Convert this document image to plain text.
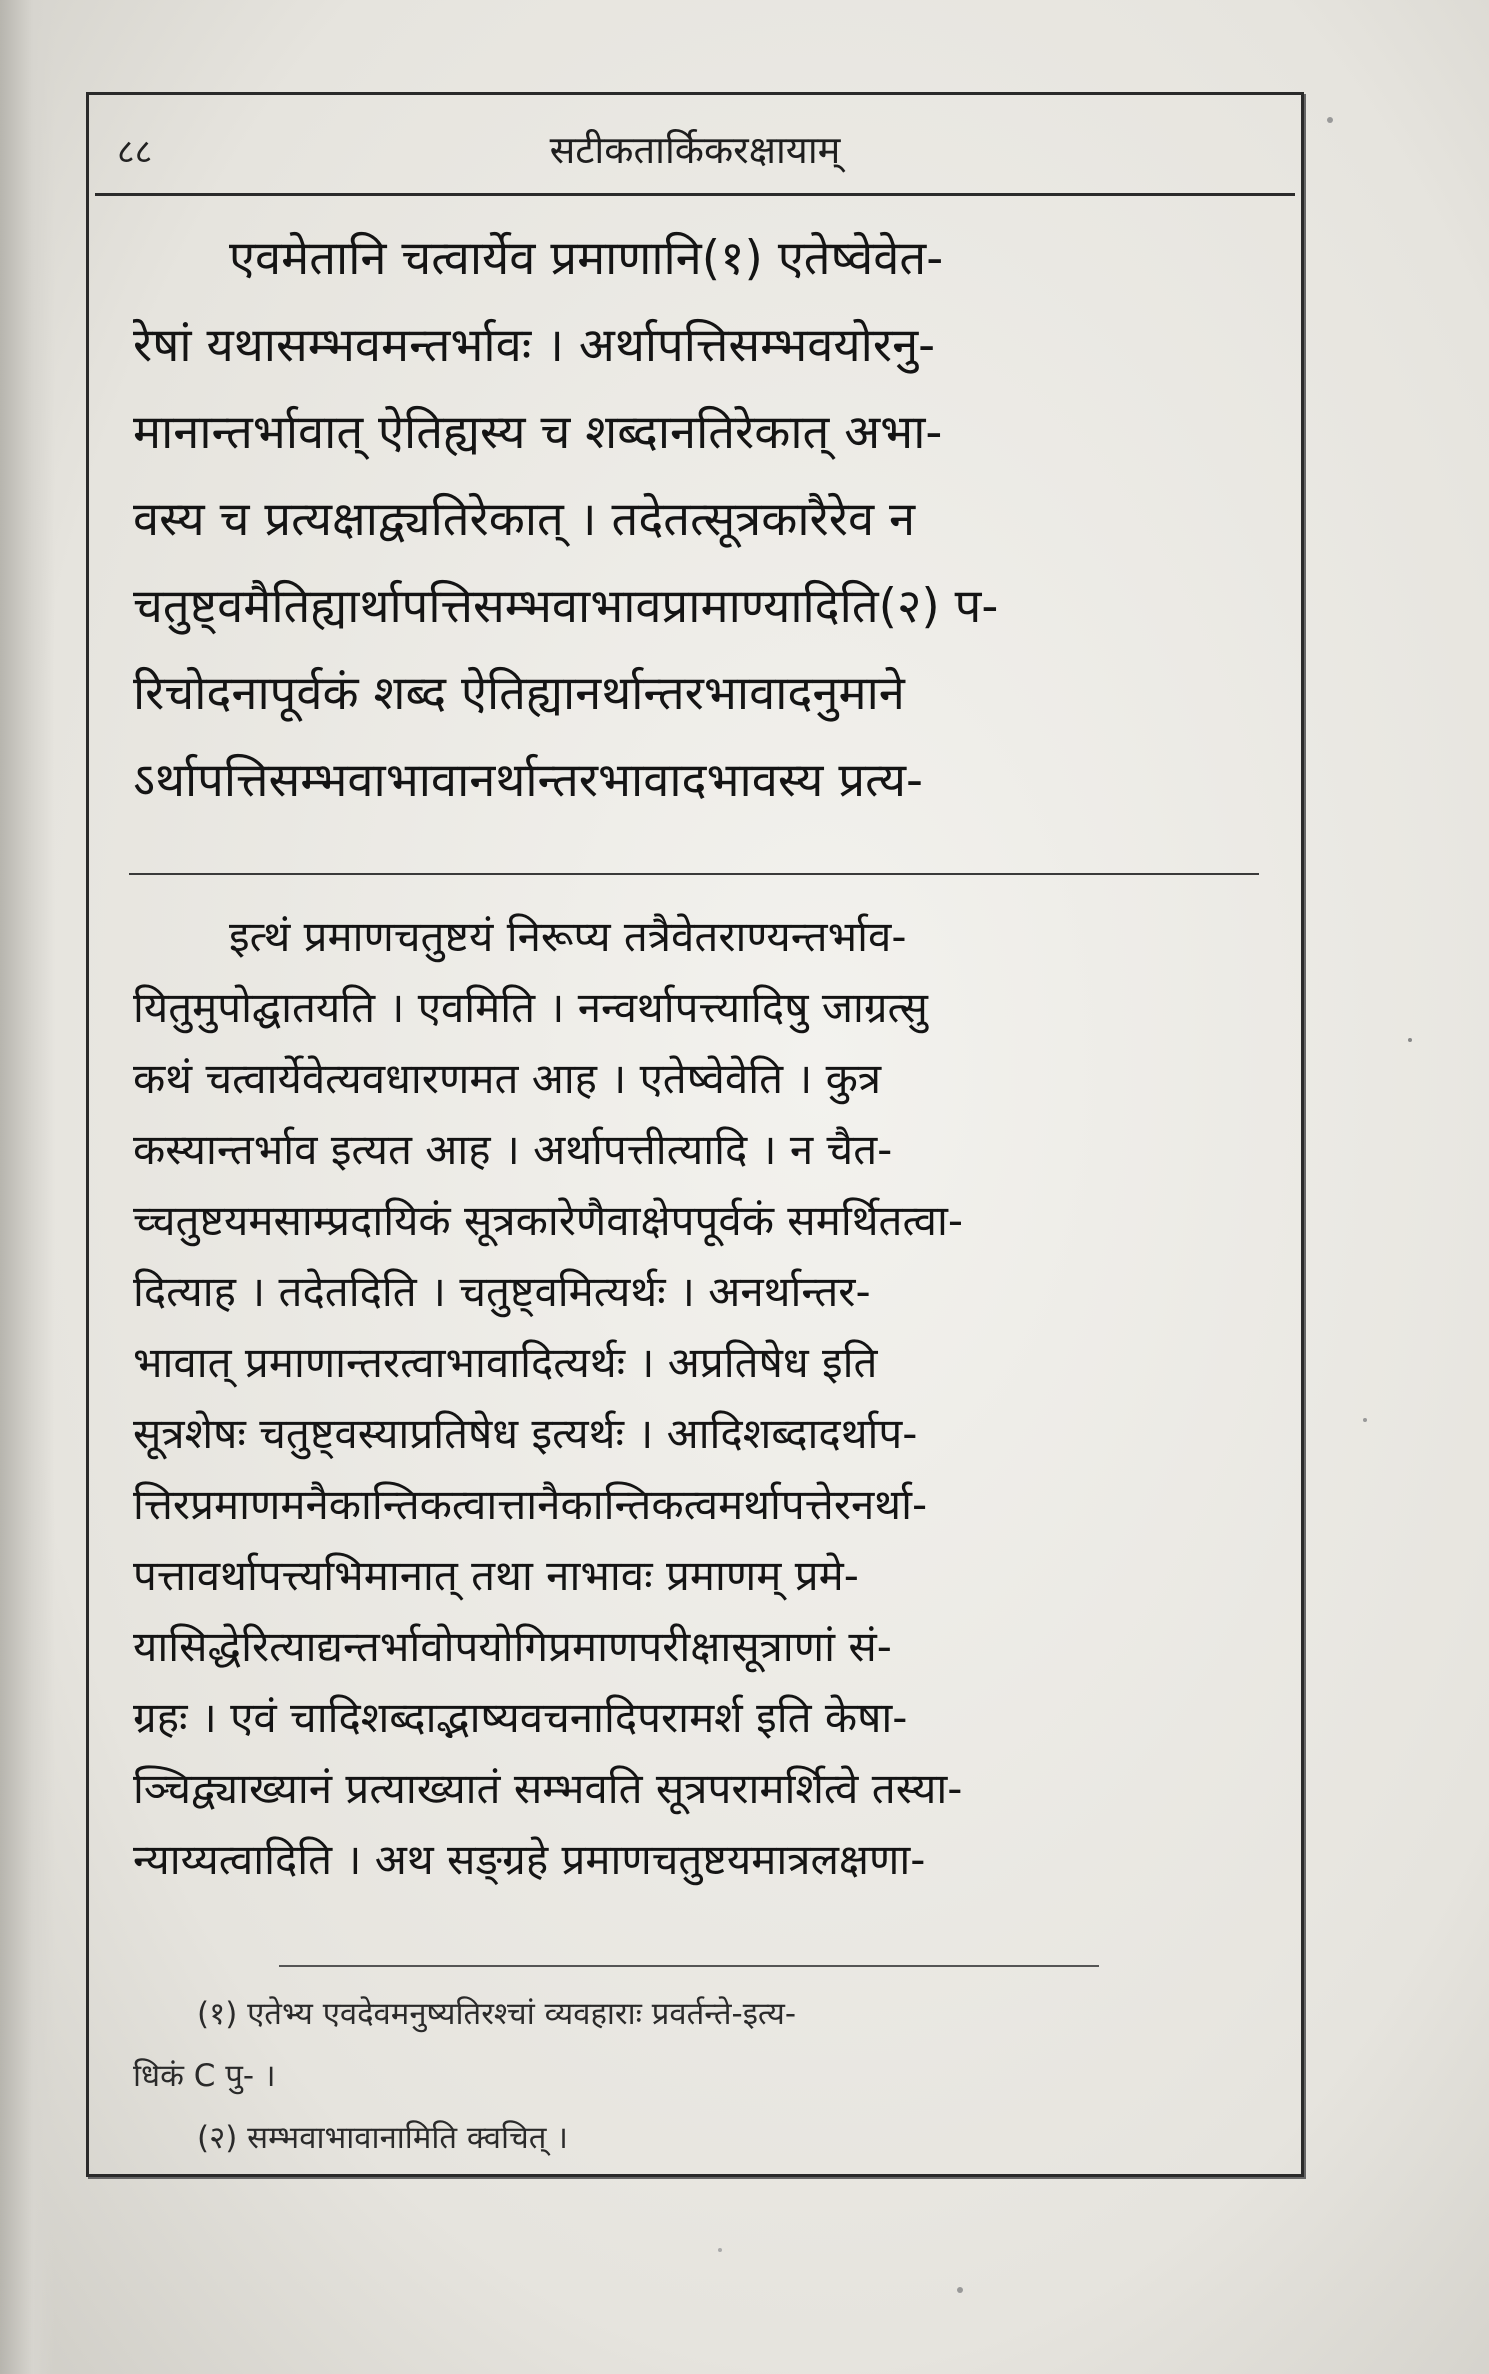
८८	सटीकतार्किकरक्षायाम्
एवमेतानि चत्वार्येव प्रमाणानि(१) एतेष्वेवेत-
रेषां यथासम्भवमन्तर्भावः । अर्थापत्तिसम्भवयोरनु-
मानान्तर्भावात् ऐतिह्यस्य च शब्दानतिरेकात् अभा-
वस्य च प्रत्यक्षाद्व्यतिरेकात् । तदेतत्सूत्रकारैरेव न
चतुष्ट्वमैतिह्यार्थापत्तिसम्भवाभावप्रामाण्यादिति(२) प-
रिचोदनापूर्वकं शब्द ऐतिह्यानर्थान्तरभावादनुमाने
ऽर्थापत्तिसम्भवाभावानर्थान्तरभावादभावस्य प्रत्य-
इत्थं प्रमाणचतुष्टयं निरूप्य तत्रैवेतराण्यन्तर्भाव-
यितुमुपोद्घातयति । एवमिति । नन्वर्थापत्त्यादिषु जाग्रत्सु
कथं चत्वार्येवेत्यवधारणमत आह । एतेष्वेवेति । कुत्र
कस्यान्तर्भाव इत्यत आह । अर्थापत्तीत्यादि । न चैत-
च्चतुष्टयमसाम्प्रदायिकं सूत्रकारेणैवाक्षेपपूर्वकं समर्थितत्वा-
दित्याह । तदेतदिति । चतुष्ट्वमित्यर्थः । अनर्थान्तर-
भावात् प्रमाणान्तरत्वाभावादित्यर्थः । अप्रतिषेध इति
सूत्रशेषः चतुष्ट्वस्याप्रतिषेध इत्यर्थः । आदिशब्दादर्थाप-
त्तिरप्रमाणमनैकान्तिकत्वात्तानैकान्तिकत्वमर्थापत्तेरनर्था-
पत्तावर्थापत्त्यभिमानात् तथा नाभावः प्रमाणम् प्रमे-
यासिद्धेरित्याद्यन्तर्भावोपयोगिप्रमाणपरीक्षासूत्राणां सं-
ग्रहः । एवं चादिशब्दाद्भाष्यवचनादिपरामर्श इति केषा-
ञ्चिद्व्याख्यानं प्रत्याख्यातं सम्भवति सूत्रपरामर्शित्वे तस्या-
न्याय्यत्वादिति । अथ सङ्ग्रहे प्रमाणचतुष्टयमात्रलक्षणा-
(१) एतेभ्य एवदेवमनुष्यतिरश्चां व्यवहाराः प्रवर्तन्ते-इत्य-
धिकं C पु- ।
(२) सम्भवाभावानामिति क्वचित् ।
